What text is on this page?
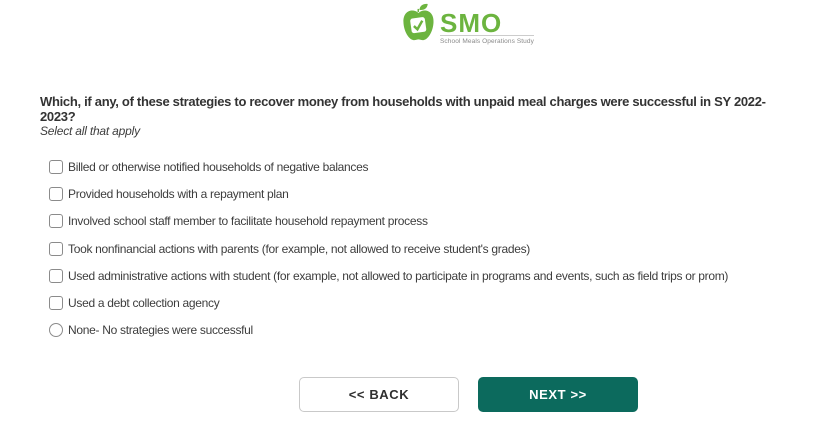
SMO
School Meals Operations Study
Which, if any, of these strategies to recover money from households with unpaid meal charges were successful in SY 2022-2023?

Select all that apply

Billed or otherwise notified households of negative balances
Provided households with a repayment plan
Involved school staff member to facilitate household repayment process
Took nonfinancial actions with parents (for example, not allowed to receive student's grades)
Used administrative actions with student (for example, not allowed to participate in programs and events, such as field trips or prom)
Used a debt collection agency
None- No strategies were successful
<< BACK	NEXT >>
